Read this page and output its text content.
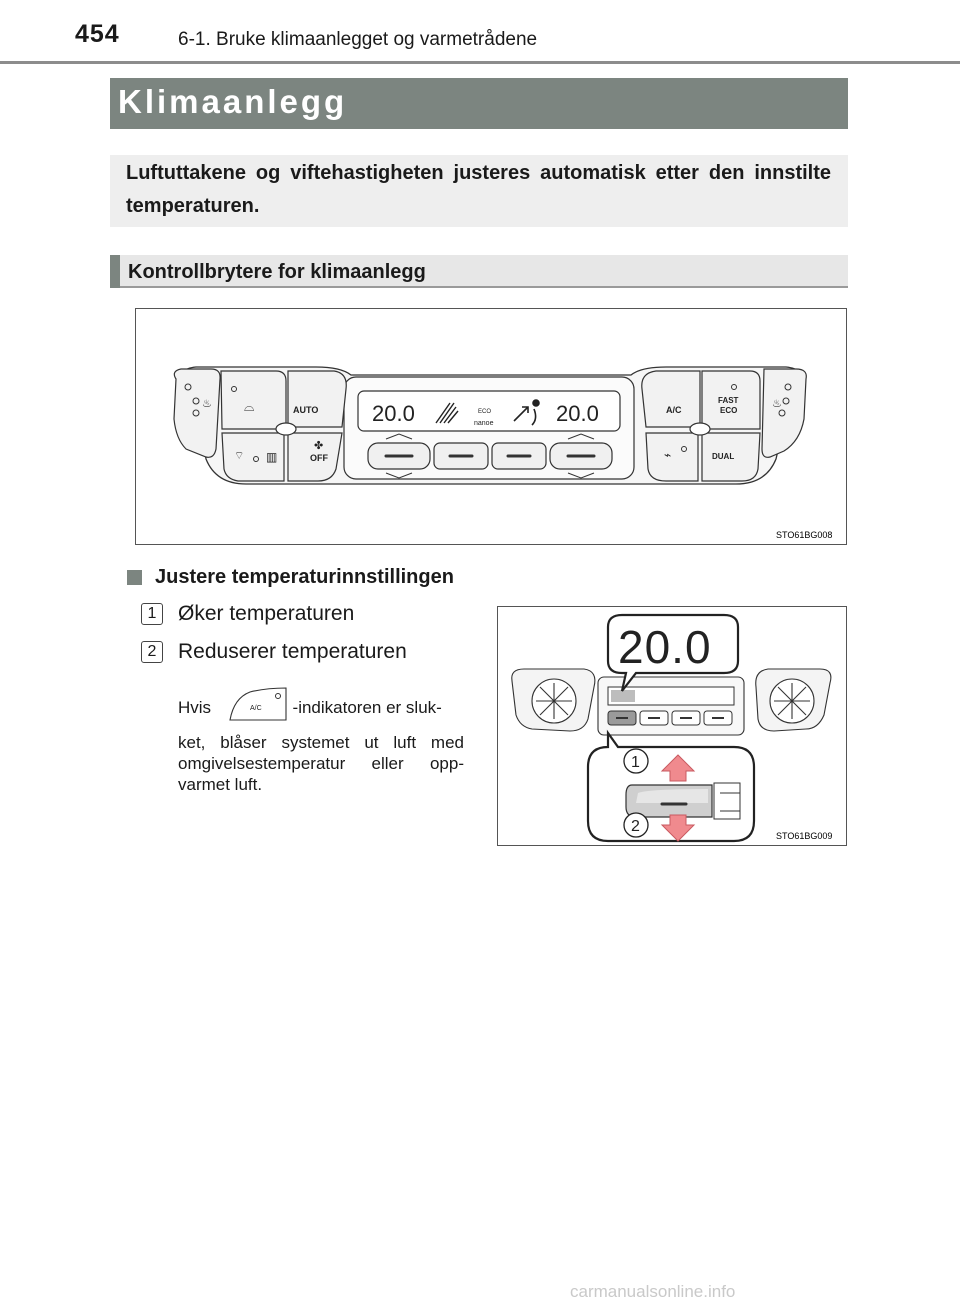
454	6-1. Bruke klimaanlegget og varmetrådene
Klimaanlegg
Luftuttakene og viftehastigheten justeres automatisk etter den innstilte temperaturen.
Kontrollbrytere for klimaanlegg
20.0	20.0
ECO
nanoe
♨ ⌓	AUTO
⌔ ▥
✤
OFF
A/C
FAST
ECO
⌁	DUAL
♨
STO61BG008
Justere temperaturinnstillingen
1	Øker temperaturen
2	Reduserer temperaturen
Hvis	-indikatoren er sluk-
A/C
ket, blåser systemet ut luft med omgivelsestemperatur eller opp-varmet luft.
20.0
1
2
STO61BG009
carmanualsonline.info
